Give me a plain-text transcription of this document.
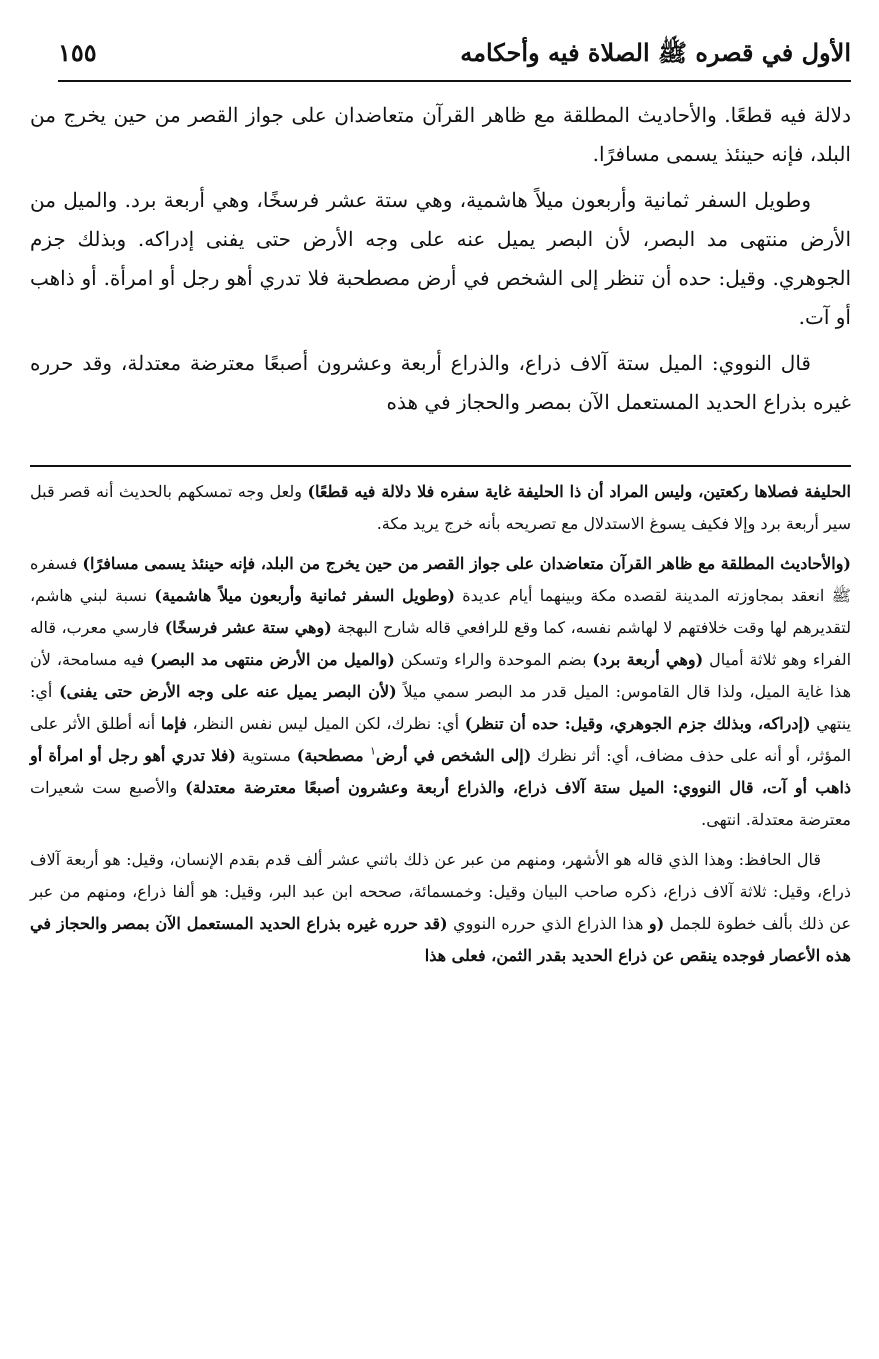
الأول في قصره ﷺ الصلاة فيه وأحكامه
١٥٥

دلالة فيه قطعًا. والأحاديث المطلقة مع ظاهر القرآن متعاضدان على جواز القصر من حين يخرج من البلد، فإنه حينئذ يسمى مسافرًا.

وطويل السفر ثمانية وأربعون ميلاً هاشمية، وهي ستة عشر فرسخًا، وهي أربعة برد. والميل من الأرض منتهى مد البصر، لأن البصر يميل عنه على وجه الأرض حتى يفنى إدراكه. وبذلك جزم الجوهري. وقيل: حده أن تنظر إلى الشخص في أرض مصطحبة فلا تدري أهو رجل أو امرأة. أو ذاهب أو آت.

قال النووي: الميل ستة آلاف ذراع، والذراع أربعة وعشرون أصبعًا معترضة معتدلة، وقد حرره غيره بذراع الحديد المستعمل الآن بمصر والحجاز في هذه

الحليفة فصلاها ركعتين، وليس المراد أن ذا الحليفة غاية سفره فلا دلالة فيه قطعًا) ولعل وجه تمسكهم بالحديث أنه قصر قبل سير أربعة برد وإلا فكيف يسوغ الاستدلال مع تصريحه بأنه خرج يريد مكة.

(والأحاديث المطلقة مع ظاهر القرآن متعاضدان على جواز القصر من حين يخرج من البلد، فإنه حينئذ يسمى مسافرًا) فسفره ﷺ انعقد بمجاوزته المدينة لقصده مكة وبينهما أيام عديدة (وطويل السفر ثمانية وأربعون ميلاً هاشمية) نسبة لبني هاشم، لتقديرهم لها وقت خلافتهم لا لهاشم نفسه، كما وقع للرافعي قاله شارح البهجة (وهي ستة عشر فرسخًا) فارسي معرب، قاله الفراء وهو ثلاثة أميال (وهي أربعة برد) بضم الموحدة والراء وتسكن (والميل من الأرض منتهى مد البصر) فيه مسامحة، لأن هذا غاية الميل، ولذا قال القاموس: الميل قدر مد البصر سمي ميلاً (لأن البصر يميل عنه على وجه الأرض حتى يفنى) أي: ينتهي (إدراكه، وبذلك جزم الجوهري، وقيل: حده أن تنظر) أي: نظرك، لكن الميل ليس نفس النظر، فإما أنه أطلق الأثر على المؤثر، أو أنه على حذف مضاف، أي: أثر نظرك (إلى الشخص في أرض$^١$ مصطحبة) مستوية (فلا تدري أهو رجل أو امرأة أو ذاهب أو آت، قال النووي: الميل ستة آلاف ذراع، والذراع أربعة وعشرون أصبعًا معترضة معتدلة) والأصبع ست شعيرات معترضة معتدلة. انتهى.

قال الحافظ: وهذا الذي قاله هو الأشهر، ومنهم من عبر عن ذلك باثني عشر ألف قدم بقدم الإنسان، وقيل: هو أربعة آلاف ذراع، وقيل: ثلاثة آلاف ذراع، ذكره صاحب البيان وقيل: وخمسمائة، صححه ابن عبد البر، وقيل: هو ألفا ذراع، ومنهم من عبر عن ذلك بألف خطوة للجمل (و هذا الذراع الذي حرره النووي (قد حرره غيره بذراع الحديد المستعمل الآن بمصر والحجاز في هذه الأعصار فوجده ينقص عن ذراع الحديد بقدر الثمن، فعلى هذا
